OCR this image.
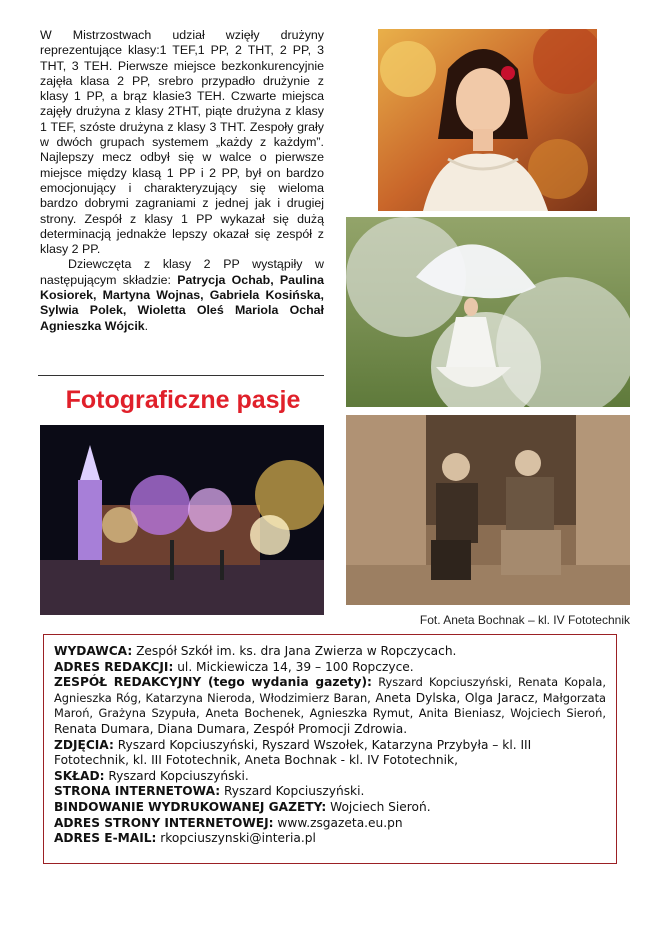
W Mistrzostwach udział wzięły drużyny reprezentujące klasy:1 TEF,1 PP, 2 THT, 2 PP, 3 THT, 3 TEH. Pierwsze miejsce bezkonkurencyjnie zajęła klasa 2 PP, srebro przypadło drużynie z klasy 1 PP, a brąz klasie3 TEH. Czwarte miejsca zajęły drużyna z klasy 2THT, piąte drużyna z klasy 1 TEF, szóste drużyna z klasy 3 THT. Zespoły grały w dwóch grupach systemem „każdy z każdym”. Najlepszy mecz odbył się w walce o pierwsze miejsce między klasą 1 PP i 2 PP, był on bardzo emocjonujący i charakteryzujący się wieloma bardzo dobrymi zagraniami z jednej jak i drugiej strony. Zespół z klasy 1 PP wykazał się dużą determinacją jednakże lepszy okazał się zespół z klasy 2 PP.

Dziewczęta z klasy 2 PP wystąpiły w następującym składzie: Patrycja Ochab, Paulina Kosiorek, Martyna Wojnas, Gabriela Kosińska, Sylwia Polek, Wioletta Oleś Mariola Ochał Agnieszka Wójcik.

Fotograficzne pasje
Fot. Aneta Bochnak – kl. IV Fototechnik
WYDAWCA: Zespół Szkół im. ks. dra Jana Zwierza w Ropczycach.
ADRES REDAKCJI: ul. Mickiewicza 14, 39 – 100 Ropczyce.
ZESPÓŁ REDAKCYJNY (tego wydania gazety): Ryszard Kopciuszyński, Renata Kopala, Agnieszka Róg, Katarzyna Nieroda, Włodzimierz Baran, Aneta Dylska, Olga Jaracz, Małgorzata Maroń, Grażyna Szypuła, Aneta Bochenek, Agnieszka Rymut, Anita Bieniasz, Wojciech Sieroń, Renata Dumara, Diana Dumara, Zespół Promocji Zdrowia.
ZDJĘCIA: Ryszard Kopciuszyński, Ryszard Wszołek, Katarzyna Przybyła – kl. III Fototechnik, kl. III Fototechnik, Aneta Bochnak - kl. IV Fototechnik,
SKŁAD: Ryszard Kopciuszyński.
STRONA INTERNETOWA: Ryszard Kopciuszyński.
BINDOWANIE WYDRUKOWANEJ GAZETY: Wojciech Sieroń.
ADRES STRONY INTERNETOWEJ: www.zsgazeta.eu.pn
ADRES E-MAIL: rkopciuszynski@interia.pl
